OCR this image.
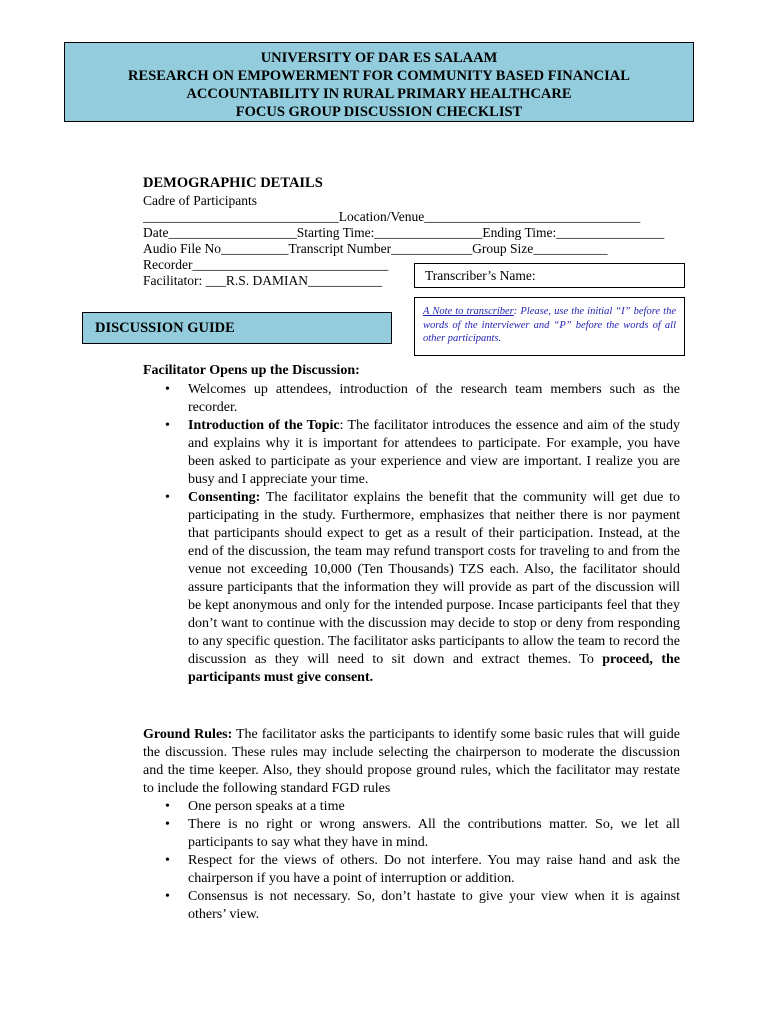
UNIVERSITY OF DAR ES SALAAM
RESEARCH ON EMPOWERMENT FOR COMMUNITY BASED FINANCIAL
ACCOUNTABILITY IN RURAL PRIMARY HEALTHCARE
FOCUS GROUP DISCUSSION CHECKLIST
DEMOGRAPHIC DETAILS
Cadre of Participants
_____________________________Location/Venue________________________________
Date___________________Starting Time:________________Ending Time:________________
Audio File No__________Transcript Number____________Group Size___________
Recorder_____________________________
Facilitator: ___R.S. DAMIAN___________	Transcriber’s Name:
A Note to transcriber: Please, use the initial “I” before the words of the interviewer and “P” before the words of all other participants.
DISCUSSION GUIDE
Facilitator Opens up the Discussion:
• Welcomes up attendees, introduction of the research team members such as the recorder.
• Introduction of the Topic: The facilitator introduces the essence and aim of the study and explains why it is important for attendees to participate. For example, you have been asked to participate as your experience and view are important. I realize you are busy and I appreciate your time.
• Consenting: The facilitator explains the benefit that the community will get due to participating in the study. Furthermore, emphasizes that neither there is nor payment that participants should expect to get as a result of their participation. Instead, at the end of the discussion, the team may refund transport costs for traveling to and from the venue not exceeding 10,000 (Ten Thousands) TZS each. Also, the facilitator should assure participants that the information they will provide as part of the discussion will be kept anonymous and only for the intended purpose. Incase participants feel that they don’t want to continue with the discussion may decide to stop or deny from responding to any specific question. The facilitator asks participants to allow the team to record the discussion as they will need to sit down and extract themes. To proceed, the participants must give consent.
Ground Rules: The facilitator asks the participants to identify some basic rules that will guide the discussion. These rules may include selecting the chairperson to moderate the discussion and the time keeper. Also, they should propose ground rules, which the facilitator may restate to include the following standard FGD rules
• One person speaks at a time
• There is no right or wrong answers. All the contributions matter. So, we let all participants to say what they have in mind.
• Respect for the views of others. Do not interfere. You may raise hand and ask the chairperson if you have a point of interruption or addition.
• Consensus is not necessary. So, don’t hastate to give your view when it is against others’ view.
